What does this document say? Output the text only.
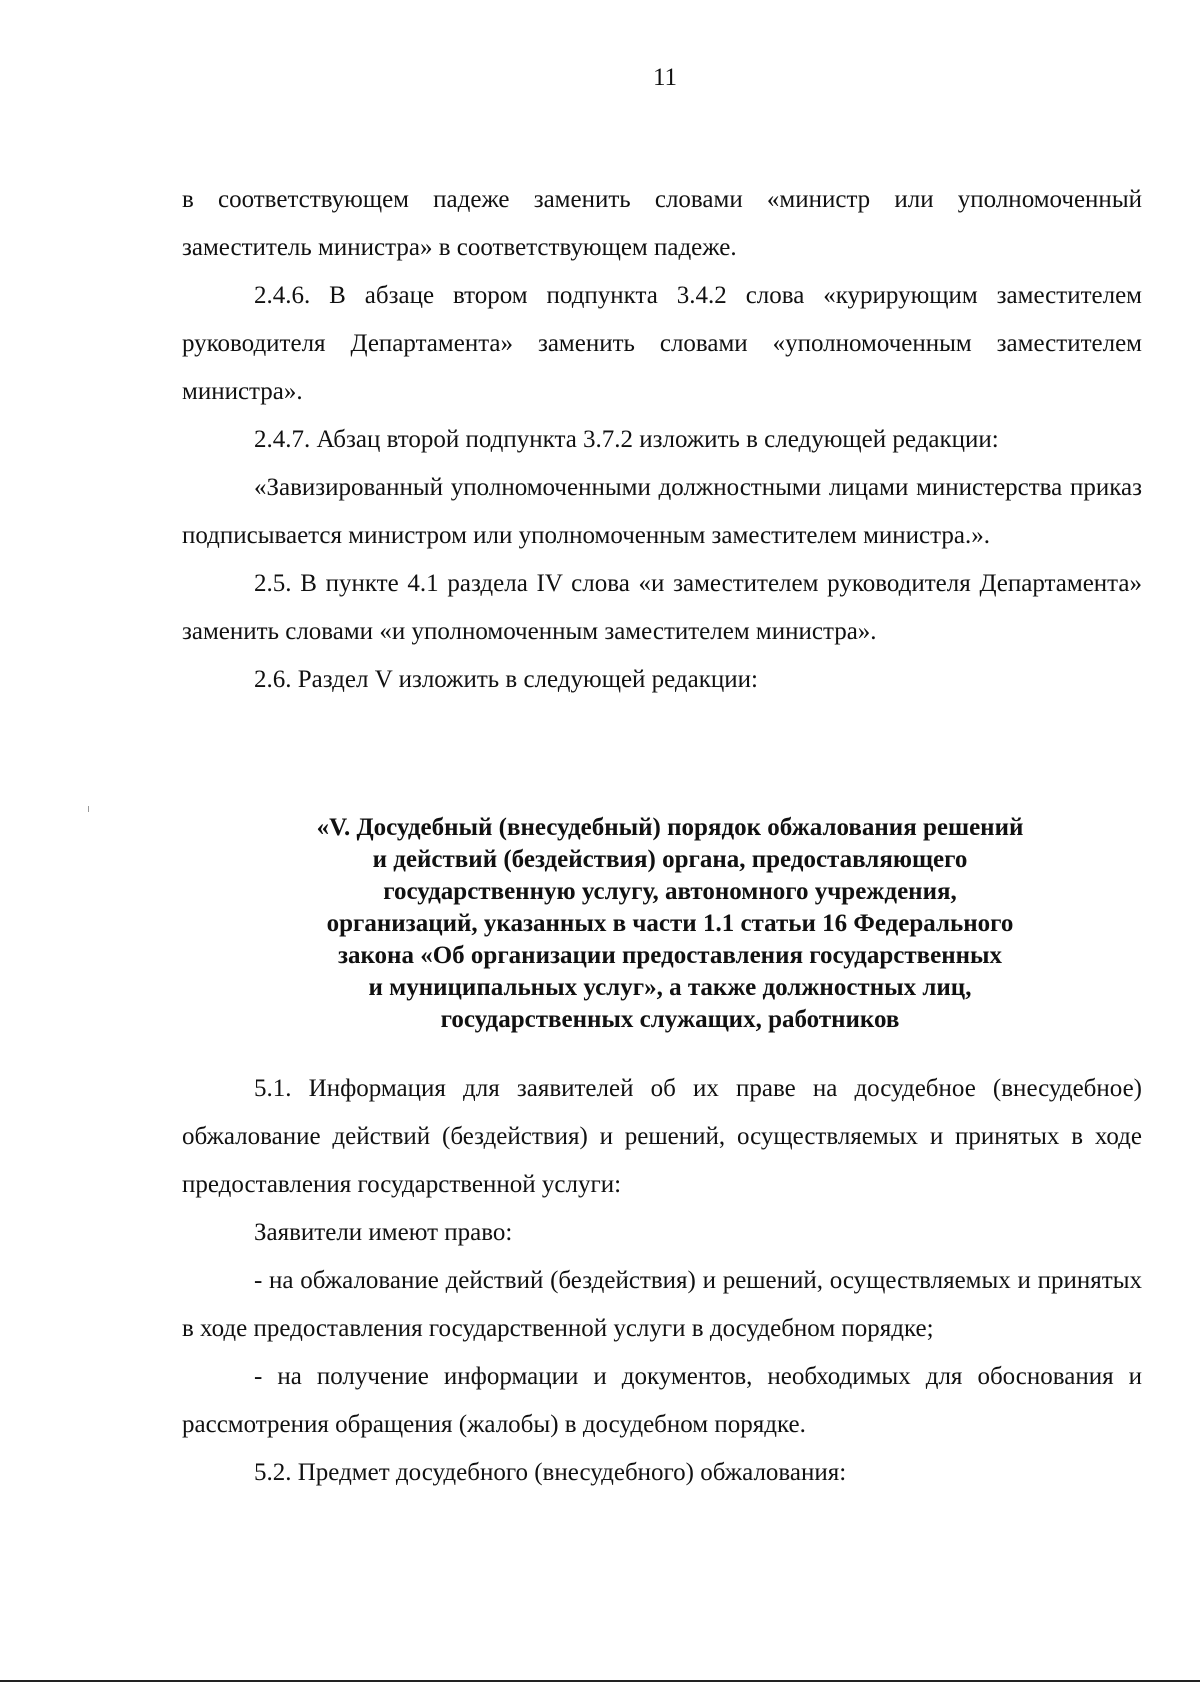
11

в соответствующем падеже заменить словами «министр или уполномоченный заместитель министра» в соответствующем падеже.

2.4.6. В абзаце втором подпункта 3.4.2 слова «курирующим заместителем руководителя Департамента» заменить словами «уполномоченным заместителем министра».

2.4.7. Абзац второй подпункта 3.7.2 изложить в следующей редакции:

«Завизированный уполномоченными должностными лицами министерства приказ подписывается министром или уполномоченным заместителем министра.».

2.5. В пункте 4.1 раздела IV слова «и заместителем руководителя Департамента» заменить словами «и уполномоченным заместителем министра».

2.6. Раздел V изложить в следующей редакции:

«V. Досудебный (внесудебный) порядок обжалования решений
и действий (бездействия) органа, предоставляющего
государственную услугу, автономного учреждения,
организаций, указанных в части 1.1 статьи 16 Федерального
закона «Об организации предоставления государственных
и муниципальных услуг», а также должностных лиц,
государственных служащих, работников

5.1. Информация для заявителей об их праве на досудебное (внесудебное) обжалование действий (бездействия) и решений, осуществляемых и принятых в ходе предоставления государственной услуги:

Заявители имеют право:

- на обжалование действий (бездействия) и решений, осуществляемых и принятых в ходе предоставления государственной услуги в досудебном порядке;

- на получение информации и документов, необходимых для обоснования и рассмотрения обращения (жалобы) в досудебном порядке.

5.2. Предмет досудебного (внесудебного) обжалования:
